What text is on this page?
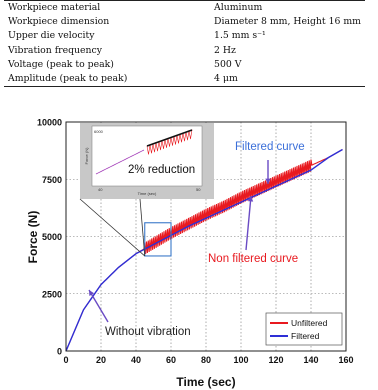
Workpiece material	Aluminum
Workpiece dimension	Diameter 8 mm, Height 16 mm
Upper die velocity	1.5 mm s⁻¹
Vibration frequency	2 Hz
Voltage (peak to peak)	500 V
Amplitude (peak to peak)	4 μm
0	20	40	60	80 100 120 140 160
0
2500
5000
7500
10000
Filtered curve
Non filtered curve
Without vibration
6000
Force (N)
40	50
Time (sec)
2% reduction
Unfiltered
Filtered
Force (N)
Time (sec)
